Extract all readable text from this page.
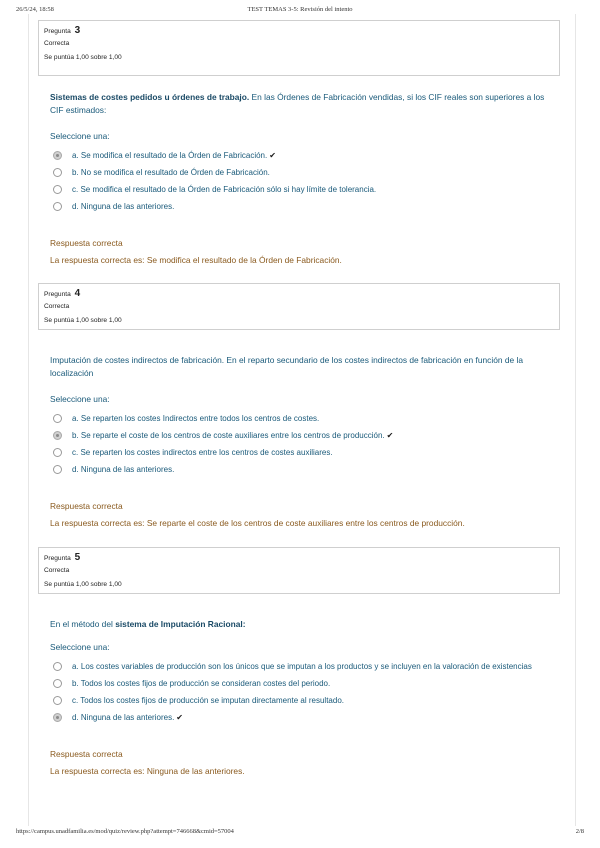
26/5/24, 18:58	TEST TEMAS 3-5: Revisión del intento
Pregunta 3
Correcta
Se puntúa 1,00 sobre 1,00
Sistemas de costes pedidos u órdenes de trabajo. En las Órdenes de Fabricación vendidas, si los CIF reales son superiores a los CIF estimados:
Seleccione una:
a. Se modifica el resultado de la Órden de Fabricación. ✔
b. No se modifica el resultado de Órden de Fabricación.
c. Se modifica el resultado de la Órden de Fabricación sólo si hay límite de tolerancia.
d. Ninguna de las anteriores.
Respuesta correcta
La respuesta correcta es: Se modifica el resultado de la Órden de Fabricación.
Pregunta 4
Correcta
Se puntúa 1,00 sobre 1,00
Imputación de costes indirectos de fabricación. En el reparto secundario de los costes indirectos de fabricación en función de la localización
Seleccione una:
a. Se reparten los costes Indirectos entre todos los centros de costes.
b. Se reparte el coste de los centros de coste auxiliares entre los centros de producción. ✔
c. Se reparten los costes indirectos entre los centros de costes auxiliares.
d. Ninguna de las anteriores.
Respuesta correcta
La respuesta correcta es: Se reparte el coste de los centros de coste auxiliares entre los centros de producción.
Pregunta 5
Correcta
Se puntúa 1,00 sobre 1,00
En el método del sistema de Imputación Racional:
Seleccione una:
a. Los costes variables de producción son los únicos que se imputan a los productos y se incluyen en la valoración de existencias
b. Todos los costes fijos de producción se consideran costes del periodo.
c. Todos los costes fijos de producción se imputan directamente al resultado.
d. Ninguna de las anteriores. ✔
Respuesta correcta
La respuesta correcta es: Ninguna de las anteriores.
https://campus.unadfamilia.es/mod/quiz/review.php?attempt=746668&cmid=57004	2/8
